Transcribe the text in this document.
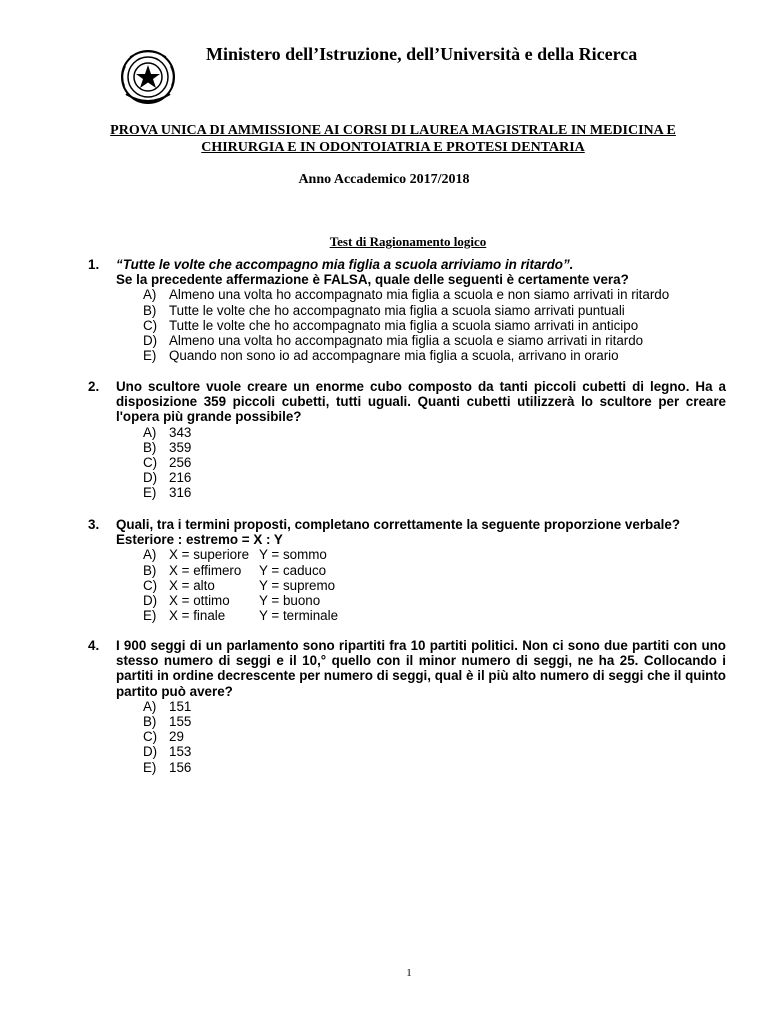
Ministero dell’Istruzione, dell’Università e della Ricerca
PROVA UNICA DI AMMISSIONE AI CORSI DI LAUREA MAGISTRALE IN MEDICINA E
CHIRURGIA E IN ODONTOIATRIA E PROTESI DENTARIA
Anno Accademico 2017/2018
Test di Ragionamento logico
1. “Tutte le volte che accompagno mia figlia a scuola arriviamo in ritardo”.
Se la precedente affermazione è FALSA, quale delle seguenti è certamente vera?
A) Almeno una volta ho accompagnato mia figlia a scuola e non siamo arrivati in ritardo
B) Tutte le volte che ho accompagnato mia figlia a scuola siamo arrivati puntuali
C) Tutte le volte che ho accompagnato mia figlia a scuola siamo arrivati in anticipo
D) Almeno una volta ho accompagnato mia figlia a scuola e siamo arrivati in ritardo
E) Quando non sono io ad accompagnare mia figlia a scuola, arrivano in orario
2. Uno scultore vuole creare un enorme cubo composto da tanti piccoli cubetti di legno. Ha a disposizione 359 piccoli cubetti, tutti uguali. Quanti cubetti utilizzerà lo scultore per creare l'opera più grande possibile?
A) 343
B) 359
C) 256
D) 216
E) 316
3. Quali, tra i termini proposti, completano correttamente la seguente proporzione verbale?
Esteriore : estremo = X : Y
A) X = superiore Y = sommo
B) X = effimero	Y = caduco
C) X = alto	Y = supremo
D) X = ottimo	Y = buono
E) X = finale	Y = terminale
4. I 900 seggi di un parlamento sono ripartiti fra 10 partiti politici. Non ci sono due partiti con uno stesso numero di seggi e il 10,° quello con il minor numero di seggi, ne ha 25. Collocando i partiti in ordine decrescente per numero di seggi, qual è il più alto numero di seggi che il quinto partito può avere?
A) 151
B) 155
C) 29
D) 153
E) 156
1
